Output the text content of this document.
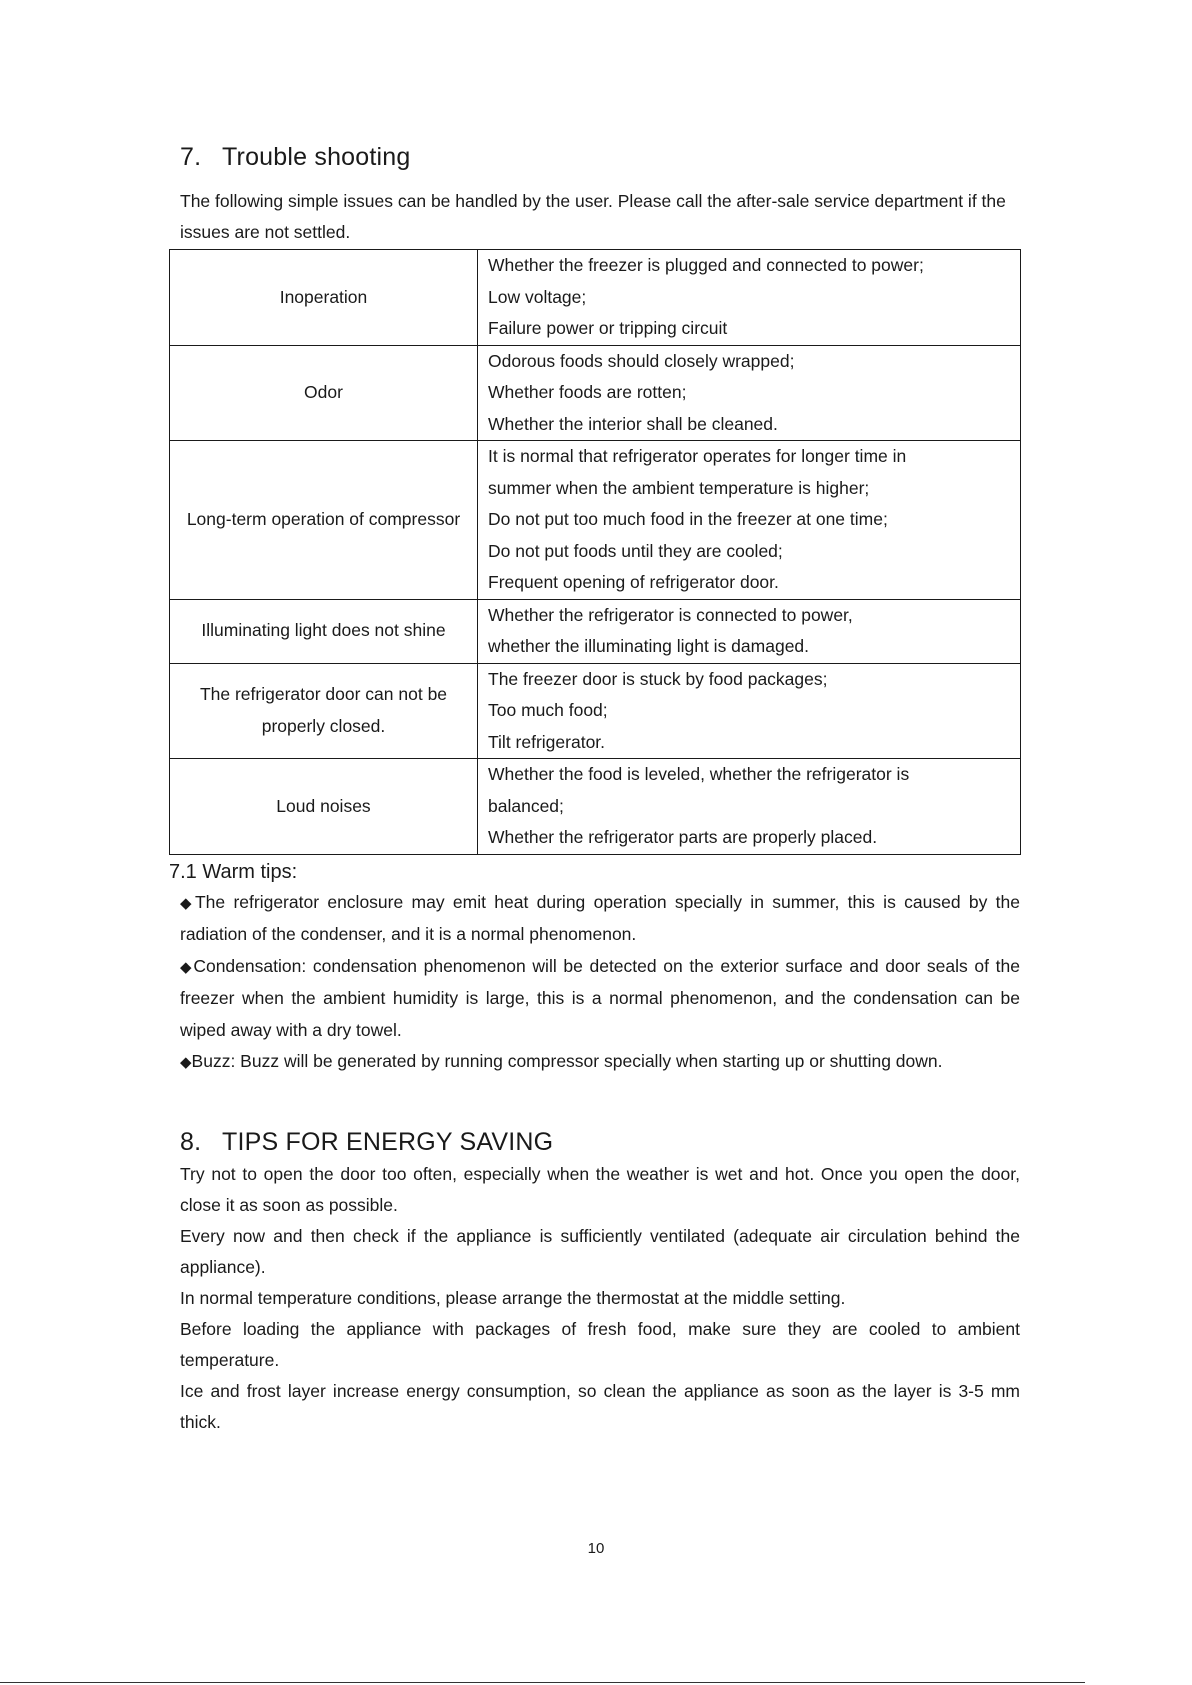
7. Trouble shooting

The following simple issues can be handled by the user. Please call the after-sale service department if the issues are not settled.

Inoperation	Whether the freezer is plugged and connected to power;
Low voltage;
Failure power or tripping circuit

Odor	Odorous foods should closely wrapped;
Whether foods are rotten;
Whether the interior shall be cleaned.

Long-term operation of compressor	It is normal that refrigerator operates for longer time in
summer when the ambient temperature is higher;
Do not put too much food in the freezer at one time;
Do not put foods until they are cooled;
Frequent opening of refrigerator door.

Illuminating light does not shine	Whether the refrigerator is connected to power,
whether the illuminating light is damaged.

The refrigerator door can not be properly closed.	The freezer door is stuck by food packages;
Too much food;
Tilt refrigerator.

Loud noises	Whether the food is leveled, whether the refrigerator is
balanced;
Whether the refrigerator parts are properly placed.
7.1 Warm tips:
◆The refrigerator enclosure may emit heat during operation specially in summer, this is caused by the radiation of the condenser, and it is a normal phenomenon.
◆Condensation: condensation phenomenon will be detected on the exterior surface and door seals of the freezer when the ambient humidity is large, this is a normal phenomenon, and the condensation can be wiped away with a dry towel.
◆Buzz: Buzz will be generated by running compressor specially when starting up or shutting down.
8. TIPS FOR ENERGY SAVING

Try not to open the door too often, especially when the weather is wet and hot. Once you open the door, close it as soon as possible.

Every now and then check if the appliance is sufficiently ventilated (adequate air circulation behind the appliance).

In normal temperature conditions, please arrange the thermostat at the middle setting.

Before loading the appliance with packages of fresh food, make sure they are cooled to ambient temperature.

Ice and frost layer increase energy consumption, so clean the appliance as soon as the layer is 3-5 mm thick.

10
